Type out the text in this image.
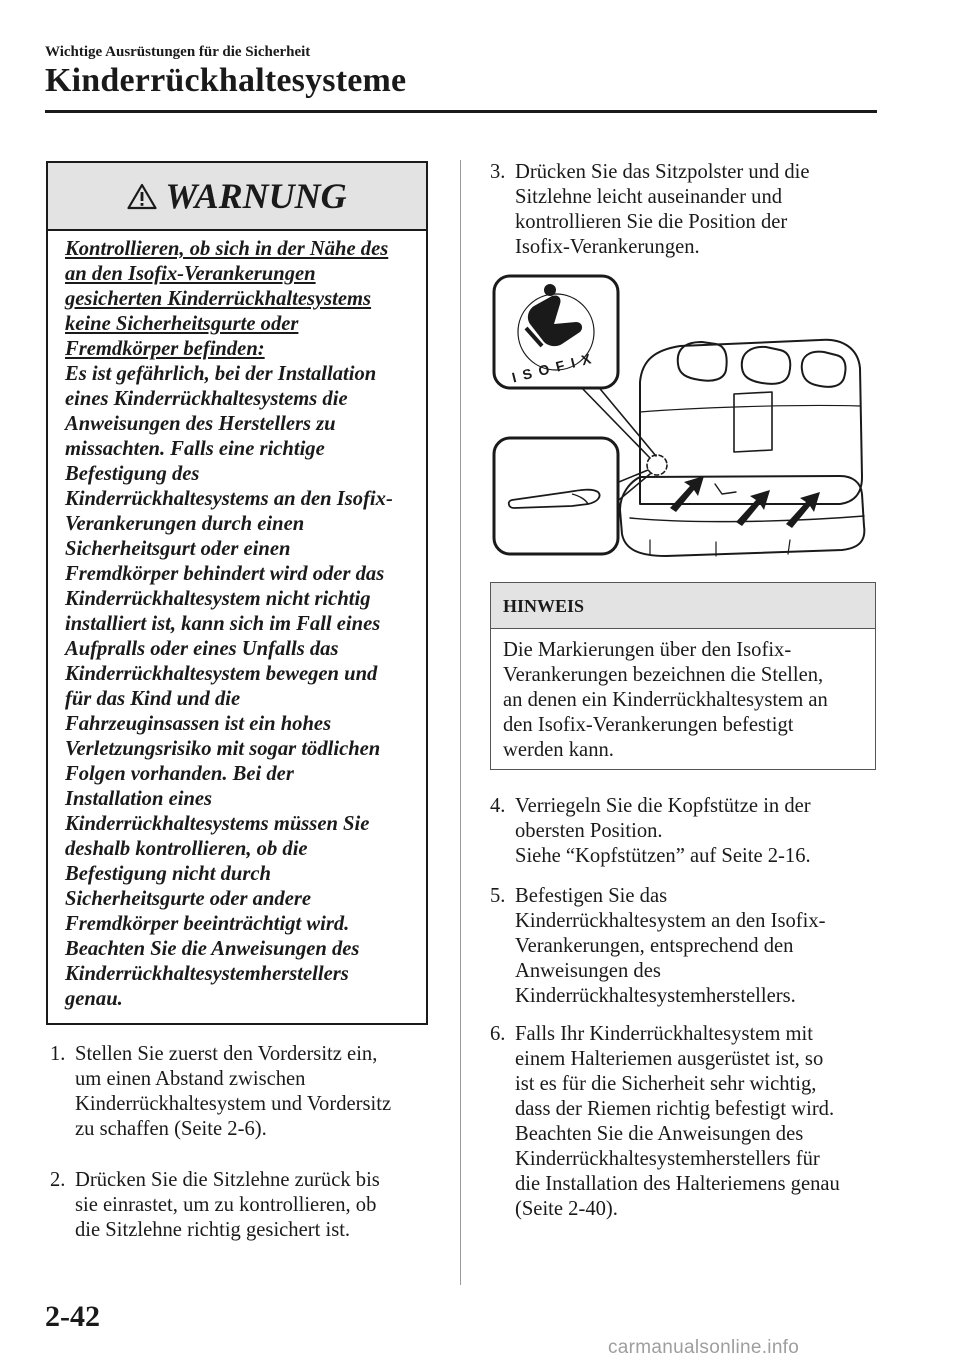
Wichtige Ausrüstungen für die Sicherheit
Kinderrückhaltesysteme
WARNUNG
Kontrollieren, ob sich in der Nähe des
an den Isofix-Verankerungen
gesicherten Kinderrückhaltesystems
keine Sicherheitsgurte oder
Fremdkörper befinden:
Es ist gefährlich, bei der Installation
eines Kinderrückhaltesystems die
Anweisungen des Herstellers zu
missachten. Falls eine richtige
Befestigung des
Kinderrückhaltesystems an den Isofix-
Verankerungen durch einen
Sicherheitsgurt oder einen
Fremdkörper behindert wird oder das
Kinderrückhaltesystem nicht richtig
installiert ist, kann sich im Fall eines
Aufpralls oder eines Unfalls das
Kinderrückhaltesystem bewegen und
für das Kind und die
Fahrzeuginsassen ist ein hohes
Verletzungsrisiko mit sogar tödlichen
Folgen vorhanden. Bei der
Installation eines
Kinderrückhaltesystems müssen Sie
deshalb kontrollieren, ob die
Befestigung nicht durch
Sicherheitsgurte oder andere
Fremdkörper beeinträchtigt wird.
Beachten Sie die Anweisungen des
Kinderrückhaltesystemherstellers
genau.
1. Stellen Sie zuerst den Vordersitz ein,
um einen Abstand zwischen
Kinderrückhaltesystem und Vordersitz
zu schaffen (Seite 2-6).
2. Drücken Sie die Sitzlehne zurück bis
sie einrastet, um zu kontrollieren, ob
die Sitzlehne richtig gesichert ist.
3. Drücken Sie das Sitzpolster und die
Sitzlehne leicht auseinander und
kontrollieren Sie die Position der
Isofix-Verankerungen.
ISOFIX
HINWEIS
Die Markierungen über den Isofix-
Verankerungen bezeichnen die Stellen,
an denen ein Kinderrückhaltesystem an
den Isofix-Verankerungen befestigt
werden kann.
4. Verriegeln Sie die Kopfstütze in der
obersten Position.
Siehe “Kopfstützen” auf Seite 2-16.
5. Befestigen Sie das
Kinderrückhaltesystem an den Isofix-
Verankerungen, entsprechend den
Anweisungen des
Kinderrückhaltesystemherstellers.
6. Falls Ihr Kinderrückhaltesystem mit
einem Halteriemen ausgerüstet ist, so
ist es für die Sicherheit sehr wichtig,
dass der Riemen richtig befestigt wird.
Beachten Sie die Anweisungen des
Kinderrückhaltesystemherstellers für
die Installation des Halteriemens genau
(Seite 2-40).
2-42
carmanualsonline.info
